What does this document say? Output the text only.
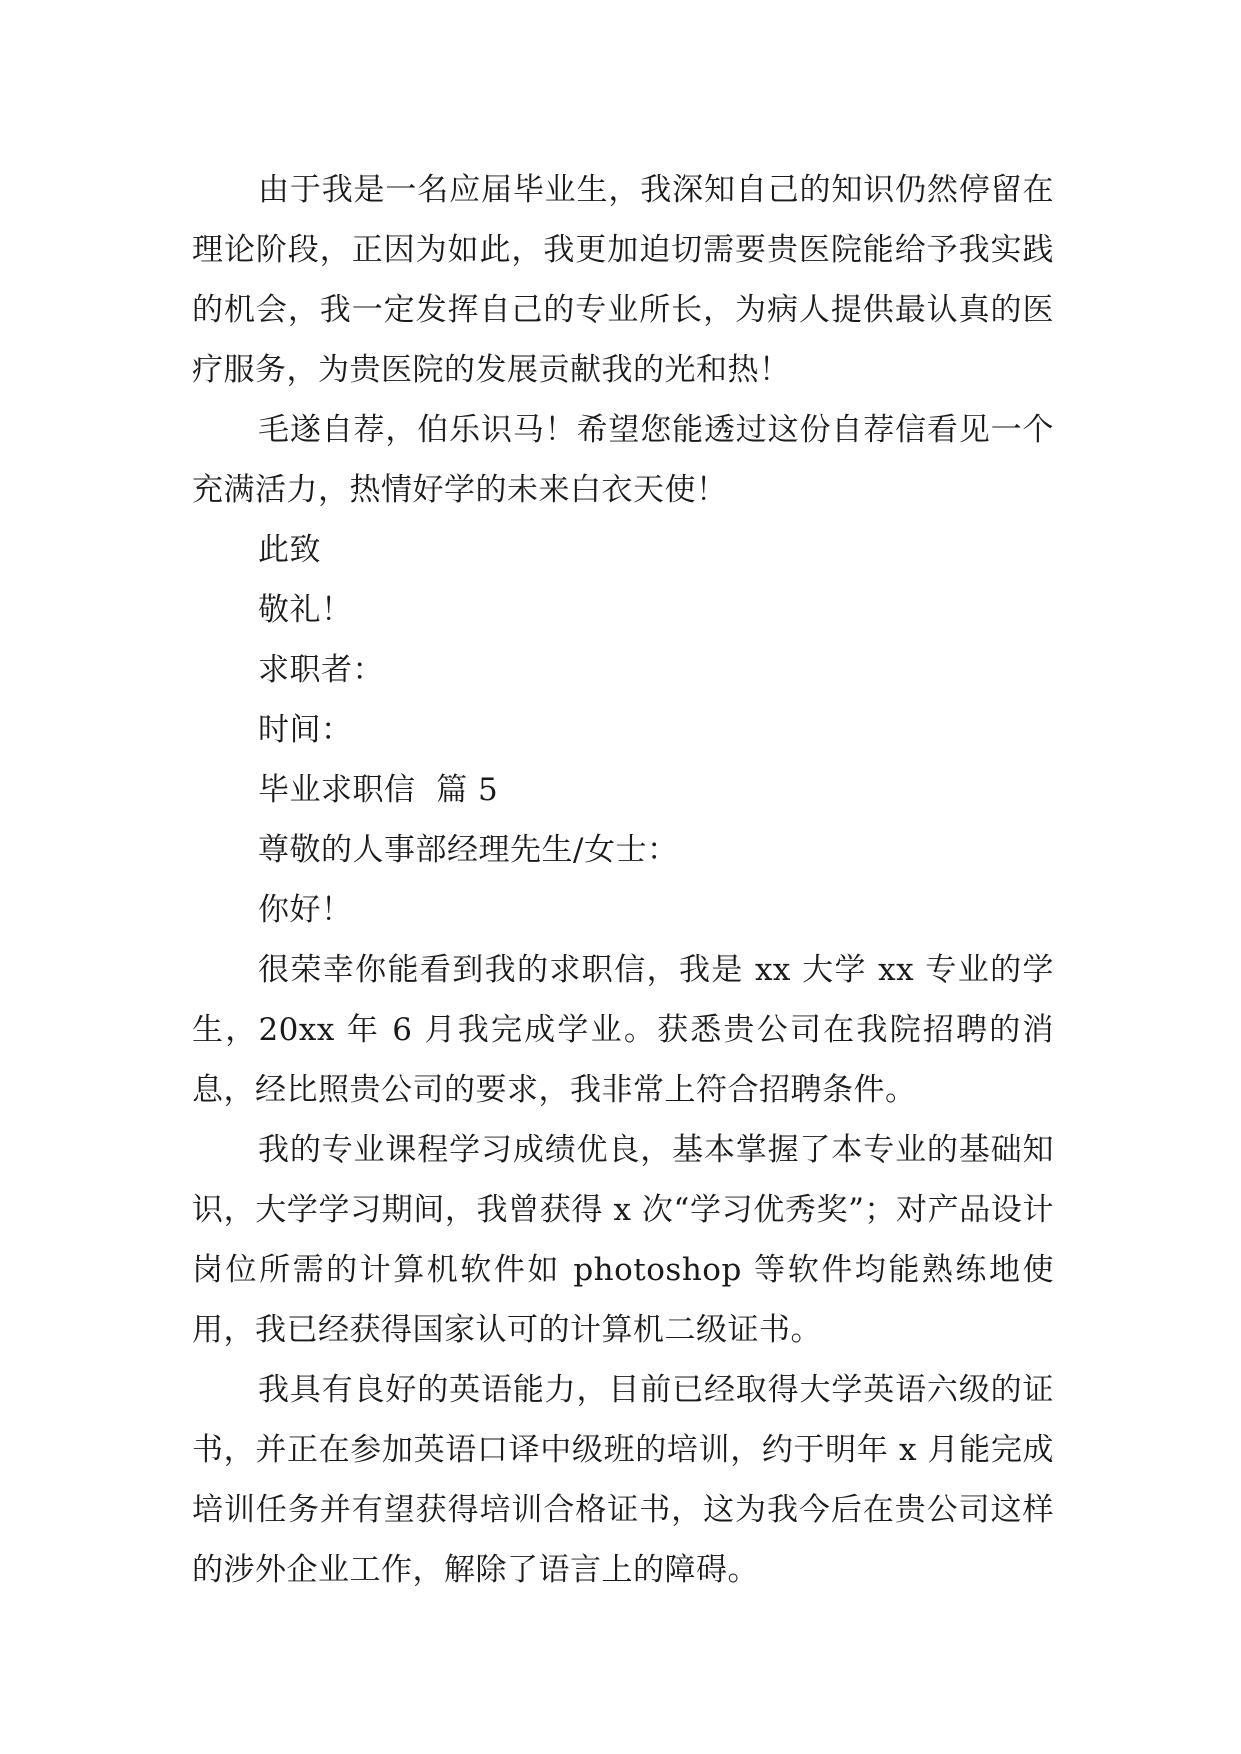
由于我是一名应届毕业生，我深知自己的知识仍然停留在理论阶段，正因为如此，我更加迫切需要贵医院能给予我实践的机会，我一定发挥自己的专业所长，为病人提供最认真的医疗服务，为贵医院的发展贡献我的光和热！

毛遂自荐，伯乐识马！希望您能透过这份自荐信看见一个充满活力，热情好学的未来白衣天使！

此致

敬礼！

求职者：

时间：

毕业求职信  篇 5

尊敬的人事部经理先生/女士：

你好！

很荣幸你能看到我的求职信，我是 xx 大学 xx 专业的学生，20xx 年 6 月我完成学业。获悉贵公司在我院招聘的消息，经比照贵公司的要求，我非常上符合招聘条件。

我的专业课程学习成绩优良，基本掌握了本专业的基础知识，大学学习期间，我曾获得 x 次“学习优秀奖”；对产品设计岗位所需的计算机软件如 photoshop 等软件均能熟练地使用，我已经获得国家认可的计算机二级证书。

我具有良好的英语能力，目前已经取得大学英语六级的证书，并正在参加英语口译中级班的培训，约于明年 x 月能完成培训任务并有望获得培训合格证书，这为我今后在贵公司这样的涉外企业工作，解除了语言上的障碍。
